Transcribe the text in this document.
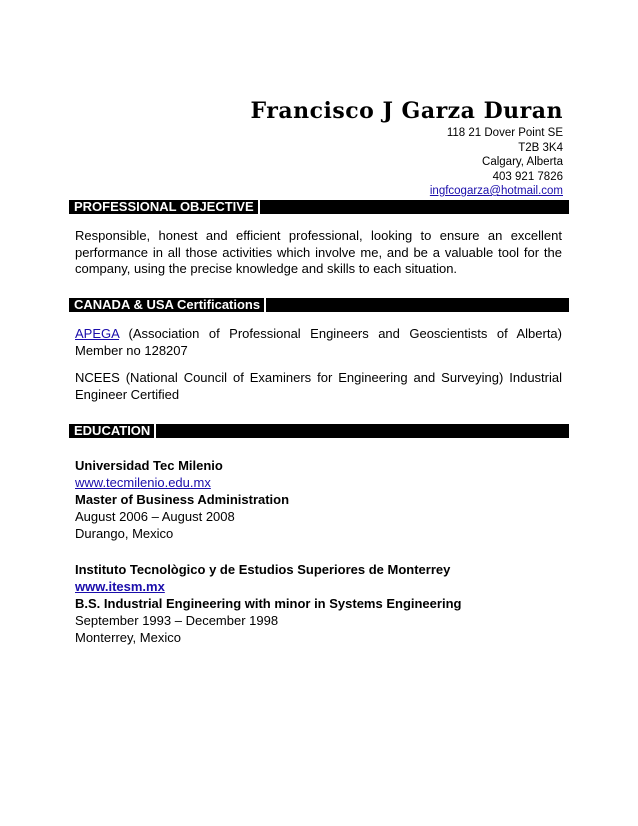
Francisco J Garza Duran
118 21 Dover Point SE
T2B 3K4
Calgary, Alberta
403 921 7826
ingfcogarza@hotmail.com
PROFESSIONAL OBJECTIVE

Responsible, honest and efficient professional, looking to ensure an excellent performance in all those activities which involve me, and be a valuable tool for the company, using the precise knowledge and skills to each situation.

CANADA & USA Certifications

APEGA (Association of Professional Engineers and Geoscientists of Alberta) Member no 128207

NCEES (National Council of Examiners for Engineering and Surveying) Industrial Engineer Certified

EDUCATION
Universidad Tec Milenio
www.tecmilenio.edu.mx
Master of Business Administration
August 2006 – August 2008
Durango, Mexico
Instituto Tecnològico y de Estudios Superiores de Monterrey
www.itesm.mx
B.S. Industrial Engineering with minor in Systems Engineering
September 1993 – December 1998
Monterrey, Mexico
